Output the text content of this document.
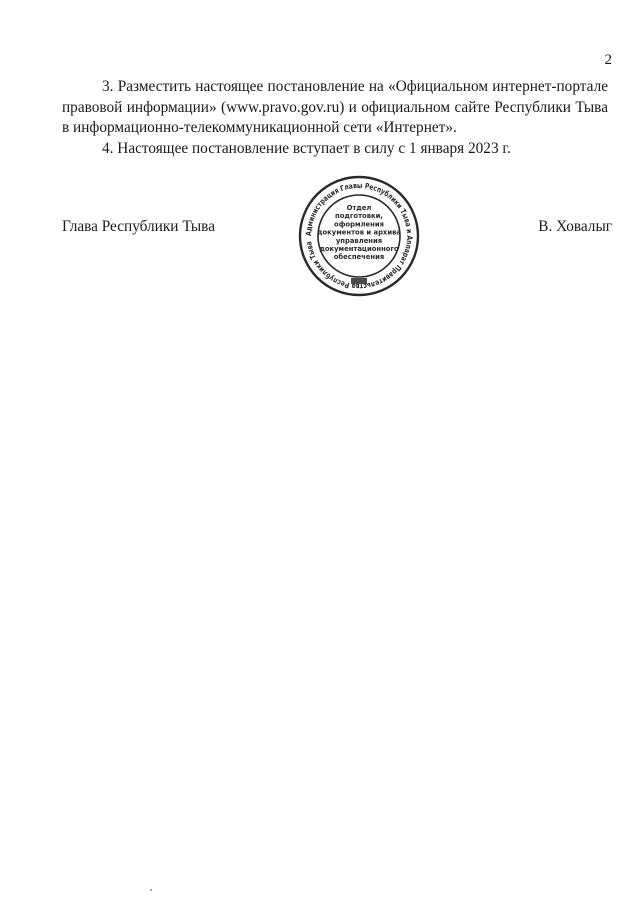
2

3. Разместить настоящее постановление на «Официальном интернет-портале правовой информации» (www.pravo.gov.ru) и официальном сайте Республики Тыва в информационно-телекоммуникационной сети «Интернет».

4. Настоящее постановление вступает в силу с 1 января 2023 г.

Глава Республики Тыва	В. Ховалыг
Администрация Главы Республики Тыва и Аппарат Правительства Республики Тыва
Отдел
подготовки,
оформления
документов и архива
управления
документационного
обеспечения
